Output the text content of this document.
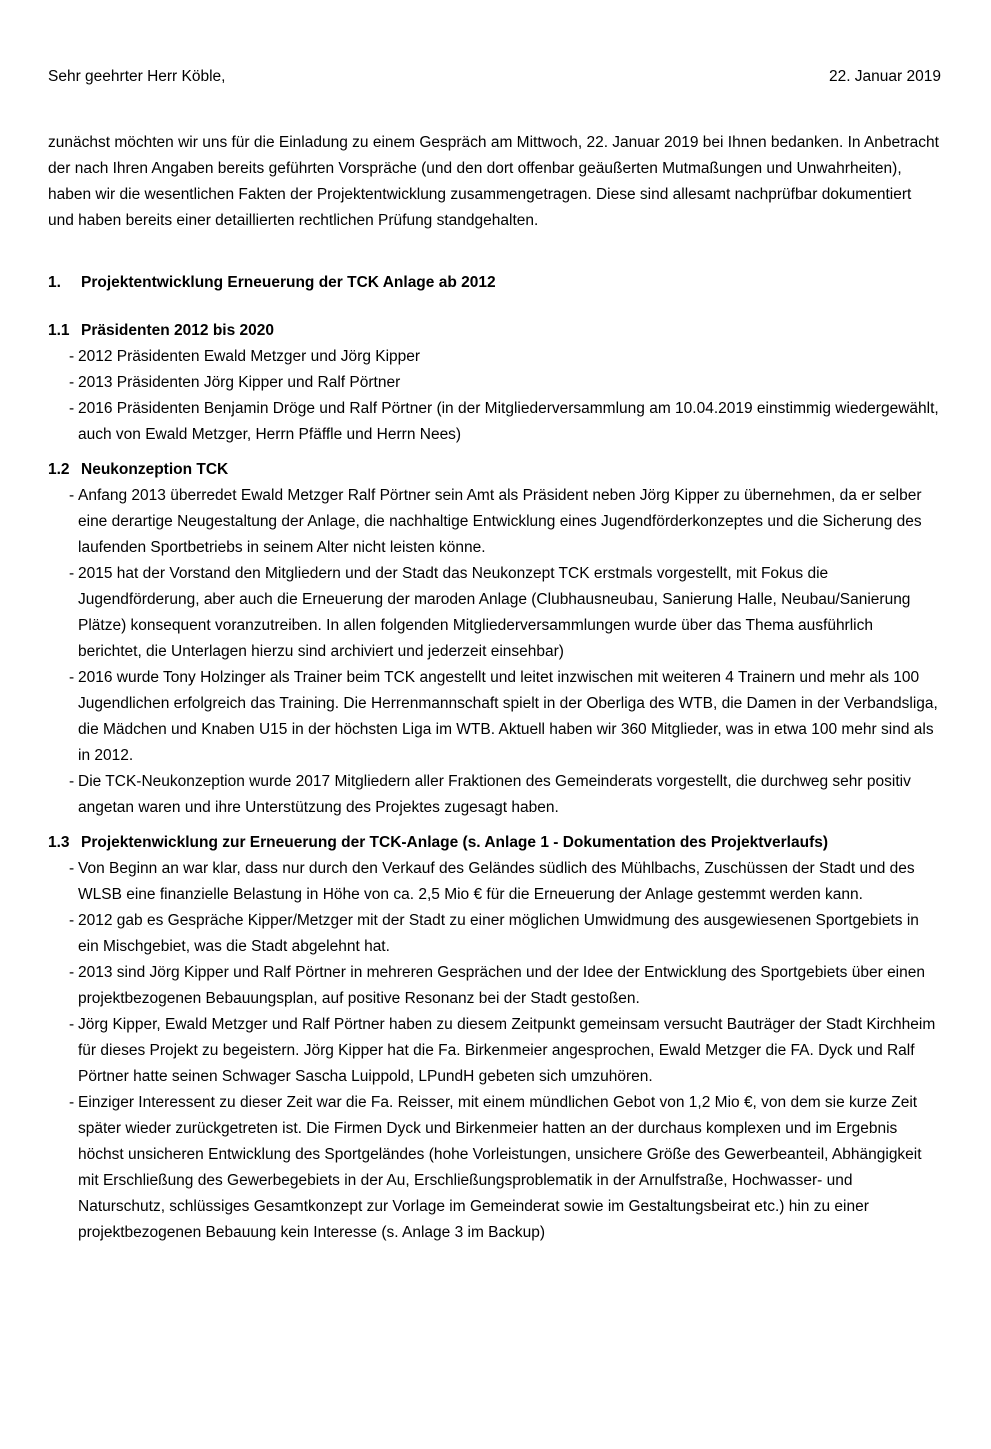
Sehr geehrter Herr Köble,	22. Januar 2019

zunächst möchten wir uns für die Einladung zu einem Gespräch am Mittwoch, 22. Januar 2019 bei Ihnen bedanken. In Anbetracht der nach Ihren Angaben bereits geführten Vorspräche (und den dort offenbar geäußerten Mutmaßungen und Unwahrheiten), haben wir die wesentlichen Fakten der Projektentwicklung zusammengetragen. Diese sind allesamt nachprüfbar dokumentiert und haben bereits einer detaillierten rechtlichen Prüfung standgehalten.

1.	Projektentwicklung Erneuerung der TCK Anlage ab 2012
1.1 Präsidenten 2012 bis 2020
- 2012 Präsidenten Ewald Metzger und Jörg Kipper
- 2013 Präsidenten Jörg Kipper und Ralf Pörtner
- 2016 Präsidenten Benjamin Dröge und Ralf Pörtner (in der Mitgliederversammlung am 10.04.2019 einstimmig wiedergewählt, auch von Ewald Metzger, Herrn Pfäffle und Herrn Nees)
1.2 Neukonzeption TCK
- Anfang 2013 überredet Ewald Metzger Ralf Pörtner sein Amt als Präsident neben Jörg Kipper zu übernehmen, da er selber eine derartige Neugestaltung der Anlage, die nachhaltige Entwicklung eines Jugendförderkonzeptes und die Sicherung des laufenden Sportbetriebs in seinem Alter nicht leisten könne.
- 2015 hat der Vorstand den Mitgliedern und der Stadt das Neukonzept TCK erstmals vorgestellt, mit Fokus die Jugendförderung, aber auch die Erneuerung der maroden Anlage (Clubhausneubau, Sanierung Halle, Neubau/Sanierung Plätze) konsequent voranzutreiben. In allen folgenden Mitgliederversammlungen wurde über das Thema ausführlich berichtet, die Unterlagen hierzu sind archiviert und jederzeit einsehbar)
- 2016 wurde Tony Holzinger als Trainer beim TCK angestellt und leitet inzwischen mit weiteren 4 Trainern und mehr als 100 Jugendlichen erfolgreich das Training. Die Herrenmannschaft spielt in der Oberliga des WTB, die Damen in der Verbandsliga, die Mädchen und Knaben U15 in der höchsten Liga im WTB. Aktuell haben wir 360 Mitglieder, was in etwa 100 mehr sind als in 2012.
- Die TCK-Neukonzeption wurde 2017 Mitgliedern aller Fraktionen des Gemeinderats vorgestellt, die durchweg sehr positiv angetan waren und ihre Unterstützung des Projektes zugesagt haben.
1.3 Projektenwicklung zur Erneuerung der TCK-Anlage (s. Anlage 1 - Dokumentation des Projektverlaufs)
- Von Beginn an war klar, dass nur durch den Verkauf des Geländes südlich des Mühlbachs, Zuschüssen der Stadt und des WLSB eine finanzielle Belastung in Höhe von ca. 2,5 Mio € für die Erneuerung der Anlage gestemmt werden kann.
- 2012 gab es Gespräche Kipper/Metzger mit der Stadt zu einer möglichen Umwidmung des ausgewiesenen Sportgebiets in ein Mischgebiet, was die Stadt abgelehnt hat.
- 2013 sind Jörg Kipper und Ralf Pörtner in mehreren Gesprächen und der Idee der Entwicklung des Sportgebiets über einen projektbezogenen Bebauungsplan, auf positive Resonanz bei der Stadt gestoßen.
- Jörg Kipper, Ewald Metzger und Ralf Pörtner haben zu diesem Zeitpunkt gemeinsam versucht Bauträger der Stadt Kirchheim für dieses Projekt zu begeistern. Jörg Kipper hat die Fa. Birkenmeier angesprochen, Ewald Metzger die FA. Dyck und Ralf Pörtner hatte seinen Schwager Sascha Luippold, LPundH gebeten sich umzuhören.
- Einziger Interessent zu dieser Zeit war die Fa. Reisser, mit einem mündlichen Gebot von 1,2 Mio €, von dem sie kurze Zeit später wieder zurückgetreten ist. Die Firmen Dyck und Birkenmeier hatten an der durchaus komplexen und im Ergebnis höchst unsicheren Entwicklung des Sportgeländes (hohe Vorleistungen, unsichere Größe des Gewerbeanteil, Abhängigkeit mit Erschließung des Gewerbegebiets in der Au, Erschließungsproblematik in der Arnulfstraße, Hochwasser- und Naturschutz, schlüssiges Gesamtkonzept zur Vorlage im Gemeinderat sowie im Gestaltungsbeirat etc.) hin zu einer projektbezogenen Bebauung kein Interesse (s. Anlage 3 im Backup)
